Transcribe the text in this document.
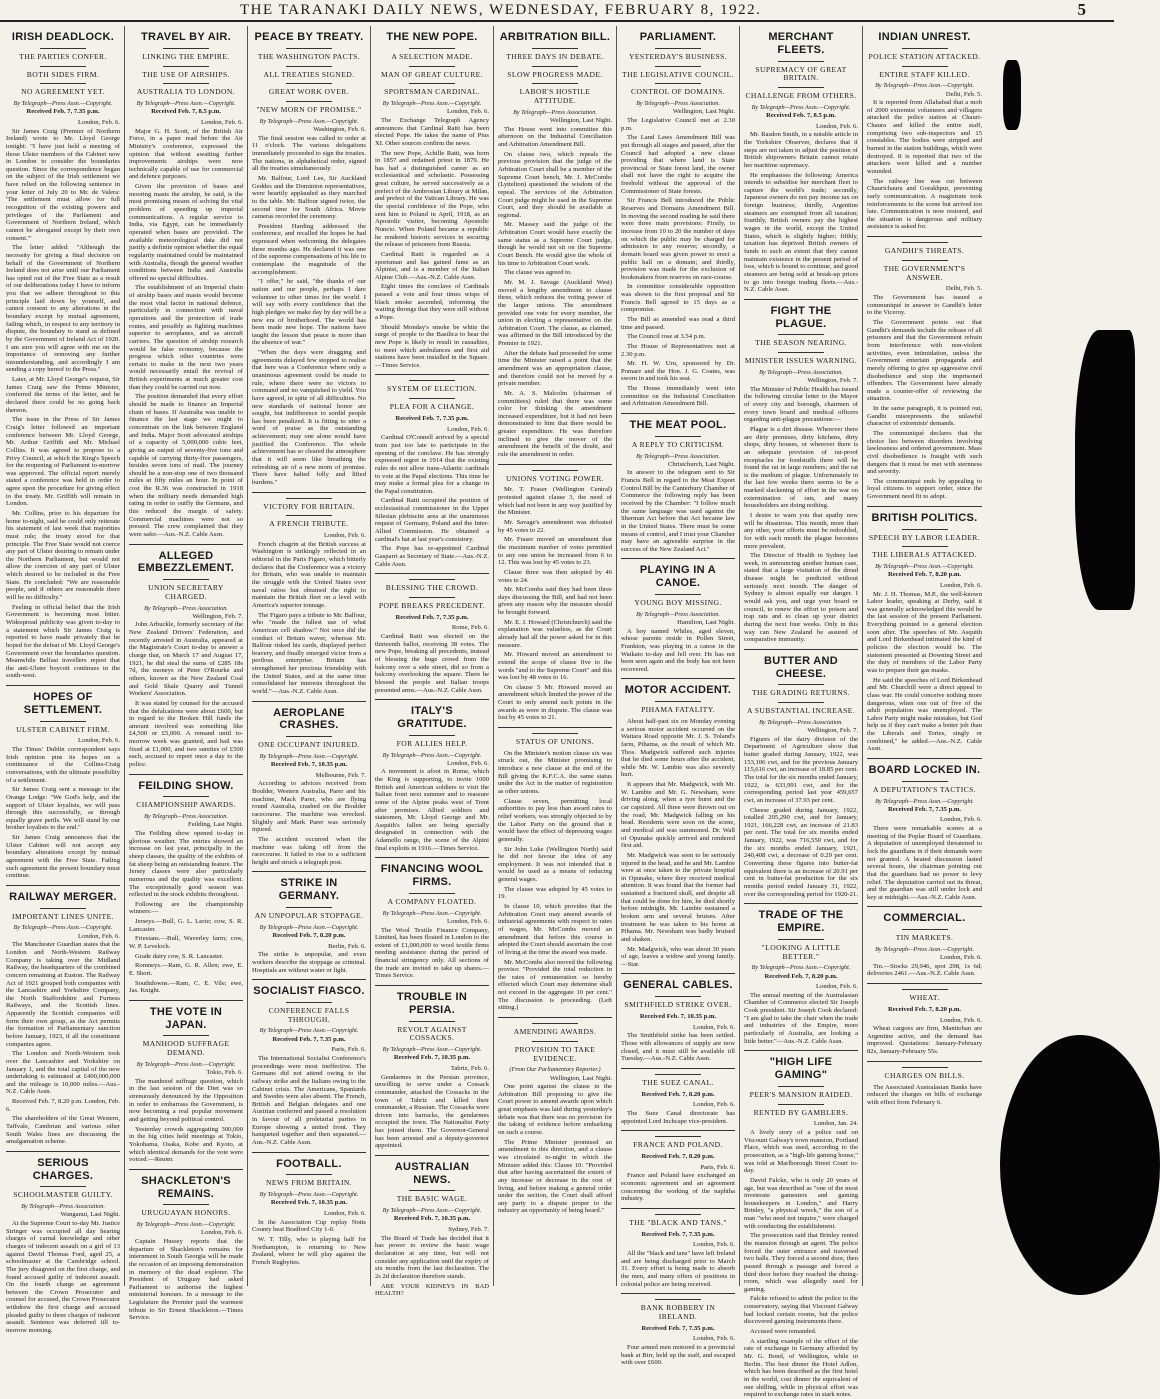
THE TARANAKI DAILY NEWS, WEDNESDAY, FEBRUARY 8, 1922.	5
IRISH DEADLOCK.
THE PARTIES CONFER.
BOTH SIDES FIRM.
NO AGREEMENT YET.
By Telegraph—Press Assn.—Copyright.
Received Feb. 7, 7.35 p.m.
London, Feb. 6.

Sir James Craig (Premier of Northern Ireland) wrote to Mr. Lloyd George tonight: "I have just held a meeting of those Ulster members of the Cabinet now in London to consider the boundaries question. Since the correspondence began on the subject of the Irish settlement we have relied on the following sentence in your letter of July 20 to Mr. de Valera: 'The settlement must allow for full recognition of the existing powers and privileges of the Parliament and Government of Northern Ireland, which cannot be abrogated except by their own consent.'"

The letter added: "Although the necessity for giving a final decision on behalf of the Government of Northern Ireland does not arise until our Parliament has opted out of the Free State as a result of our deliberations today I have to inform you that we adhere throughout to this principle laid down by yourself, and cannot consent to any alterations in the boundary except by mutual agreement, failing which, in respect to any territory in dispute, the boundary to stand as defined by the Government of Ireland Act of 1920. I am sure you will agree with me on the importance of removing any further misunderstanding, and accordingly I am sending a copy hereof to the Press."

Later, at Mr. Lloyd George's request, Sir James Craig saw the Prime Minister, conferred the terms of the letter, and he declared there could be no going back thereon.

The issue in the Press of Sir James Craig's letter followed an important conference between Mr. Lloyd George, Mr. Arthur Griffith and Mr. Michael Collins. It was agreed to propose to a Privy Council, at which the King's Speech for the reopening of Parliament to-morrow was approved. The official report merely stated a conference was held in order to agree upon the procedure for giving effect to the treaty. Mr. Griffith will remain in London.

Mr. Collins, prior to his departure for home to-night, said he could only reiterate his statement of last week that majorities must rule; the treaty stood for that principle. The Free State would not coerce any part of Ulster desiring to remain under the Northern Parliament, but would not allow the coercion of any part of Ulster which desired to be included in the Free State. He concluded: "We are reasonable people, and if others are reasonable there will be no difficulty."

Feeling in official belief that the Irish Government is becoming most bitter. Widespread publicity was given to-day to a statement which Sir James Craig is reported to have made privately that he hoped for the defeat of Mr. Lloyd George's Government over the boundaries question. Meanwhile Belfast travellers report that the anti-Ulster boycott continues in the south-west.

HOPES OF SETTLEMENT.
ULSTER CABINET FIRM.
London, Feb. 6.

The Times' Dublin correspondent says Irish opinion pins its hopes on a continuance of the Collins-Craig conversations, with the ultimate possibility of a settlement.

Sir James Craig sent a message to the Orange Lodge: "We God's help, and the support of Ulster loyalists, we will pass through this successfully, as through equally grave perils. We will stand by our brother loyalists to the end."

Sir James Craig announces that the Ulster Cabinet will not accept any boundary alterations except by mutual agreement with the Free State. Failing such agreement the present boundary must continue.

RAILWAY MERGER.
IMPORTANT LINES UNITE.
By Telegraph—Press Assn.—Copyright.
London, Feb. 6.

The Manchester Guardian states that the London and North-Western Railway Company is taking over the Midland Railway, the headquarters of the combined concern remaining at Euston. The Railway Act of 1921 grouped both companies with the Lancashire and Yorkshire Company, the North Staffordshire and Furness Railways, and the Scottish lines. Apparently the Scottish companies will form their own group, as the Act permits the formation of Parliamentary sanction before January, 1923, if all the constituent companies agree.

The London and North-Western took over the Lancashire and Yorkshire on January 1, and the total capital of the new undertaking is estimated at £400,000,000 and the mileage is 10,000 miles.—Aus.-N.Z. Cable Assn.

Received Feb. 7, 8.20 p.m. London, Feb. 6.

The shareholders of the Great Western, Taffvale, Cambrian and various other South Wales lines are discussing the amalgamation scheme.

SERIOUS CHARGES.
SCHOOLMASTER GUILTY.
By Telegraph—Press Association.
Wanganui, Last Night.

At the Supreme Court to-day Mr. Justice Stringer was occupied all day hearing charges of carnal knowledge and other charges of indecent assault on a girl of 13 against David Thomas Ford, aged 25, a schoolmaster at the Cambridge school. The jury disagreed on the first charge, and found accused guilty of indecent assault. On the fourth charge an agreement between the Crown Prosecutor and counsel for accused, the Crown Prosecutor withdrew the first charge and accused pleaded guilty to three charges of indecent assault. Sentence was deferred till to-morrow morning.

TRAVEL BY AIR.
LINKING THE EMPIRE.
THE USE OF AIRSHIPS.
AUSTRALIA TO LONDON.
By Telegraph—Press Assn.—Copyright.
Received Feb. 7, 8.5 p.m.
London, Feb. 6.

Major G. H. Scott, of the British Air Force, in a paper read before the Air Ministry's conference, expressed the opinion that without awaiting further improvements airships were now technically capable of use for commercial and defence purposes.

Given the provision of bases and mooring masts the airship, he said, is the most promising means of solving the vital problem of speeding up imperial communications. A regular service to India, via Egypt, can be immediately operated when bases are provided. The available meteorological data did not justify a definite opinion whether the equal regularity maintained could be maintained with Australia, though the general weather conditions between India and Australia offered no special difficulties.

The establishment of an Imperial chain of airship bases and masts would become the most vital factor in national defence, particularly in connection with naval operations and the protection of trade routes, and possibly as fighting machines superior to aeroplanes, and as aircraft carriers. The question of airship research would be false economy, because the progress which other countries were certain to make in the next two years would necessarily entail the revival of British experiments at much greater cost than they could be carried out now.

The position demanded that every effort should be made to finance an Imperial chain of bases. If Australia was unable to finance the last stage we ought to concentrate on the link between England and India. Major Scott advocated airships of a capacity of 5,000,000 cubic feet, giving an output of seventy-five tons and capable of carrying thirty-five passengers, besides seven tons of mail. The journey should be a non-stop one of two thousand miles at fifty miles an hour. In point of cost the R.36 was constructed in 1918 when the military needs demanded high rating in order to outfly the Germans, and this reduced the margin of safety. Commercial machines were not so pressed. The crew complained that they were safer.—Aus.-N.Z. Cable Assn.

ALLEGED EMBEZZLEMENT.
UNION SECRETARY CHARGED.
By Telegraph—Press Association.
Wellington, Feb. 7.

John Arbuckle, formerly secretary of the New Zealand Drivers' Federation, and recently arrested in Australia, appeared at the Magistrate's Court to-day to answer a charge that, on March 17 and August 17, 1921, he did steal the sums of £285 18s 7d, the moneys of Peter O'Rourke and others, known as the New Zealand Coal and Gold Shale Quarry and Tunnel Workers' Association.

It was stated by counsel for the accused that the defalcations were about £600, but in regard to the Broken Hill funds the amount involved was something like £4,500 or £5,000. A remand until to-morrow week was granted, and bail was fixed at £1,000, and two sureties of £500 each, accused to report once a day to the police.

FEILDING SHOW.
CHAMPIONSHIP AWARDS.
By Telegraph—Press Association.
Feilding, Last Night.

The Feilding show opened to-day in glorious weather. The entries showed an increase on last year, principally in the sheep classes, the quality of the exhibits of fat sheep being an outstanding feature. The Jersey classes were also particularly numerous and the quality was excellent. The exceptionally good season was reflected in the stock exhibits throughout.

Following are the championship winners:—

Jerseys.—Bull, G. L. Lecte; cow, S. R. Lancaster.

Friesians.—Bull, Waverley farm; cow, W. P. Leveloch.

Grade dairy cow, S. R. Lancaster.

Romneys.—Ram, G. R. Allen; ewe, E. E. Short.

Southdowns.—Ram, C. E. Vile; ewe, Jas. Knight.

THE VOTE IN JAPAN.
MANHOOD SUFFRAGE DEMAND.
By Telegraph—Press Assn.—Copyright.
Tokio, Feb. 6.

The manhood suffrage question, which in the last session of the Diet was so strenuously denounced by the Opposition in order to embarrass the Government, is now becoming a real popular movement and getting beyond political control.

Yesterday crowds aggregating 300,000 in the big cities held meetings at Tokio, Yokohama, Osaka, Kobe and Kyoto, at which identical demands for the vote were voiced.—Reuter.

SHACKLETON'S REMAINS.
URUGUAYAN HONORS.
By Telegraph—Press Assn.—Copyright.
London, Feb. 6.

Captain Hussey reports that the departure of Shackleton's remains for internment in South Georgia will be made the occasion of an imposing demonstration in memory of the dead explorer. The President of Uruguay had asked Parliament to authorise the highest ministerial honours. In a message to the Legislature the Premier paid the warmest tribute to Sir Ernest Shackleton.—Times Service.

PEACE BY TREATY.
THE WASHINGTON PACTS.
ALL TREATIES SIGNED.
GREAT WORK OVER.
"NEW MORN OF PROMISE."
By Telegraph—Press Assn.—Copyright.
Washington, Feb. 6.

The final session was called to order at 11 o'clock. The various delegations immediately proceeded to sign the treaties. The nations, in alphabetical order, signed all the treaties simultaneously.

Mr. Balfour, Lord Lee, Sir Auckland Geddes and the Dominion representatives, were heartily applauded as they marched to the table. Mr. Balfour signed twice, the second time for South Africa. Movie cameras recorded the ceremony.

President Harding addressed the conference, and recalled the hopes he had expressed when welcoming the delegates three months ago. He declared it was one of the supreme compensations of his life to contemplate the magnitude of the accomplishment.

"I offer," he said, "the thanks of our nation and our people, perhaps I dare volunteer to other times for the world. I will say with every confidence that the high pledges we make day by day will be a new era of brotherhood. The world has been made new hope. The nations have taught the lesson that peace is more than the absence of war."

"When the days were dragging and agreements delayed few stopped to realise that here was a Conference where only a unanimous agreement could be made to rule, where there were no victors to command and no vanquished to yield. You have agreed, in spite of all difficulties. No new standards of national honor are sought, but indifference to sordid people has been penalized. It is fitting to utter a word of praise as the outstanding achievement; may one alone would have justified the Conference. The whole achievement has so cleared the atmosphere that it will seem like breathing the refreshing air of a new morn of promise. There have halted folly and lifted burdens."

VICTORY FOR BRITAIN.
A FRENCH TRIBUTE.
London, Feb. 6.

French chagrin at the British success at Washington is strikingly reflected in an editorial in the Paris Figaro, which bitterly declares that the Conference was a victory for Britain, who was unable to maintain the struggle with the United States over naval ratios but obtained the right to maintain the British fleet on a level with America's superior tonnage.

The Figaro pays a tribute to Mr. Balfour, who "made the fullest use of what American cell shadow." Not once did the conduct of Britain waver, whereas Mr. Balfour risked his cards, displayed perfect bravery, and finally emerged victor from a perilous enterprise. Britain has strengthened her precious friendship with the United States, and at the same time consolidated her interests throughout the world."—Aus.-N.Z. Cable Assn.

AEROPLANE CRASHES.
ONE OCCUPANT INJURED.
By Telegraph—Press Assn.—Copyright.
Received Feb. 7, 10.35 p.m.
Melbourne, Feb. 7.

According to advices received from Boulder, Western Australia, Parer and his machine, Mack Parer, who are flying round Australia, crashed on the Boulder racecourse. The machine was wrecked. Slightly and Mark Parer was seriously injured.

The accident occurred when the machine was taking off from the racecourse. It failed to rise to a sufficient height and struck a telegraph post.

STRIKE IN GERMANY.
AN UNPOPULAR STOPPAGE.
By Telegraph—Press Assn.—Copyright.
Received Feb. 7, 8.20 p.m.
Berlin, Feb. 6.

The strike is unpopular, and even workers describe the stoppage as criminal. Hospitals are without water or light.

SOCIALIST FIASCO.
CONFERENCE FALLS THROUGH.
By Telegraph—Press Assn.—Copyright.
Received Feb. 7, 7.35 p.m.
Paris, Feb. 6.

The International Socialist Conference's proceedings were most ineffective. The Germans did not attend owing to the railway strike and the Italians owing to the Cabinet crisis. The Americans, Spaniards and Swedes were also absent. The French, British and Belgian delegates and one Austrian conferred and passed a resolution in favour of all proletariat parties in Europe showing a united front. They banqueted together and then separated.—Aus.-N.Z. Cable Assn.

FOOTBALL.
NEWS FROM BRITAIN.
By Telegraph—Press Assn.—Copyright.
Received Feb. 7, 10.35 p.m.
London, Feb. 6.

In the Association Cup replay Notts County beat Bradford City 1-0.

W. T. Tilly, who is playing half for Northampton, is returning to New Zealand, where he will play against the French Rugbyites.

THE NEW POPE.
A SELECTION MADE.
MAN OF GREAT CULTURE.
SPORTSMAN CARDINAL.
By Telegraph—Press Assn.—Copyright.
London, Feb. 6.

The Exchange Telegraph Agency announces that Cardinal Ratti has been elected Pope. He takes the name of Pius XI. Other sources confirm the news.

The new Pope, Achille Ratti, was born in 1857 and ordained priest in 1879. He has had a distinguished career as an ecclesiastical and scholastic. Possessing great culture, he served successively as a prefect of the Ambrosian Library at Milan, and prefect of the Vatican Library. He was the special confidence of the Pope, who sent him to Poland in April, 1918, as an Apostolic visitor, becoming Apostolic Nuncio. When Poland became a republic he rendered historic services in securing the release of prisoners from Russia.

Cardinal Ratti is regarded as a sportsman and has gained fame as an Alpinist, and is a member of the Italian Alpine Club.—Aus.-N.Z. Cable Assn.

Eight times the conclave of Cardinals passed a vote and four times wisps of black smoke ascended, informing the waiting throngs that they were still without a Pope.

Should Monday's smoke be white the surge of people to the Basilica to hear the new Pope is likely to result in casualties, to meet which ambulances and first aid stations have been installed in the Square.—Times Service.

SYSTEM OF ELECTION.
PLEA FOR A CHANGE.
Received Feb. 7, 7.35 p.m.
London, Feb. 6.

Cardinal O'Connell arrived by a special train just too late to participate in the opening of the conclave. He has strongly expressed regret in 1914 that the existing rules do not allow trans-Atlantic cardinals to vote at the Papal elections. This time he may make a formal plea for a change in the Papal constitution.

Cardinal Ratti occupied the position of ecclesiastical commissioner in the Upper Silesian plebiscite area at the unanimous request of Germany, Poland and the Inter-Allied Commission. He obtained a cardinal's hat at last year's consistory.

The Pope has re-appointed Cardinal Gasparri as Secretary of State.—Aus.-N.Z. Cable Assn.

BLESSING THE CROWD.
POPE BREAKS PRECEDENT.
Received Feb. 7, 7.35 p.m.
Rome, Feb. 6.

Cardinal Ratti was elected on the thirteenth ballot, receiving 38 votes. The new Pope, breaking all precedents, instead of blessing the huge crowd from the balcony over a side street, did so from a balcony overlooking the square. There he blessed the people and Italian troops presented arms.—Aus.-N.Z. Cable Assn.

ITALY'S GRATITUDE.
FOR ALLIES HELP.
By Telegraph—Press Assn.—Copyright.
London, Feb. 6.

A movement is afoot in Rome, which the King is supporting, to invite 1000 British and American soldiers to visit the Italian front next summer and to reassure some of the Alpine peaks west of Trent after promises. Allied soldiers and statesmen, Mr. Lloyd George and Mr. Asquith's fallen are being specially designated in connection with the Adamello range, the scene of the Alpini final exploits in 1916.—Times Service.

FINANCING WOOL FIRMS.
A COMPANY FLOATED.
By Telegraph—Press Assn.—Copyright.
London, Feb. 6.

The Wool Textile Finance Company, Limited, has been floated in London to the extent of £1,000,000 to wool textile firms needing assistance during the period of financial stringency only. All sections of the trade are invited to take up shares.—Times Service.

TROUBLE IN PERSIA.
REVOLT AGAINST COSSACKS.
By Telegraph—Press Assn.—Copyright.
Received Feb. 7, 10.35 p.m.
Tabriz, Feb. 6.

Gendarmes in the Persian province, unwilling to serve under a Cossack commander, attacked the Cossacks in the town of Tabriz and killed their commander, a Russian. The Cossacks were driven into barracks, the gendarmes occupied the town. The Nationalist Party has joined them. The Governor-General has been arrested and a deputy-governor appointed.

AUSTRALIAN NEWS.
THE BASIC WAGE.
By Telegraph—Press Assn.—Copyright.
Received Feb. 7, 10.35 p.m.
Sydney, Feb. 7.

The Board of Trade has decided that it has power to review the basic wage declaration at any time, but will not consider any application until the expiry of six months from the last declaration. The 2s 2d declaration therefore stands.

ARE YOUR KIDNEYS IN BAD HEALTH?

ARBITRATION BILL.
THREE DAYS IN DEBATE.
SLOW PROGRESS MADE.
LABOR'S HOSTILE ATTITUDE.
By Telegraph—Press Association.
Wellington, Last Night.

The House went into committee this afternoon on the Industrial Conciliation and Arbitration Amendment Bill.

On clause two, which repeals the previous provision that the judge of the Arbitration Court shall be a member of the Supreme Court bench, Mr. J. McCombs (Lyttelton) questioned the wisdom of the repeal. The services of the Arbitration Court judge might be used in the Supreme Court, and they should be available at regional.

Mr. Massey said the judge of the Arbitration Court would have exactly the same status as a Supreme Court judge, though he would not sit on the Supreme Court Bench. He would give the whole of his time to Arbitration Court work.

The clause was agreed to.

Mr. M. J. Savage (Auckland West) moved a lengthy amendment to clause three, which reduces the voting power of the larger unions. The amendment provided one vote for every member, the union in electing a representative on the Arbitration Court. The clause, as claimed, was affirmed in the Bill introduced by the Premier in 1921.

After the debate had proceeded for some time the Minister raised a point that the amendment was an appropriation clause, and therefore could not be moved by a private member.

Mr. A. S. Malcolm (chairman of committees) ruled that there was some color for thinking the amendment increased expenditure, but it had not been demonstrated to him that there would be greater expenditure. He was therefore inclined to give the mover of the amendment the benefit of the doubt, and rule the amendment in order.

UNIONS VOTING POWER.

Mr. T. Fraser (Wellington Central) protested against clause 3, the need of which had not been in any way justified by the Minister.

Mr. Savage's amendment was defeated by 45 votes to 22.

Mr. Fraser moved an amendment that the maximum number of votes permitted to any one union be increased from 6 to 12. This was lost by 45 votes to 23.

Clause three was then adopted by 46 votes to 24.

Mr. McCombs said they had been three days discussing the Bill, and had not been given any reason why the measure should be brought forward.

Mr. E. J. Howard (Christchurch) said the explanation was valueless, as the Court already had all the power asked for in this measure.

Mr. Howard moved an amendment to extend the scope of clause five to the words "and to the Supreme Court" and this was lost by 48 votes to 16.

On clause 5 Mr. Howard moved an amendment which limited the power of the Court to only amend such points in the awards as were in dispute. The clause was lost by 45 votes to 21.

STATUS OF UNIONS.

On the Minister's motion clause six was struck out, the Minister promising to introduce a new clause at the end of the Bill giving the K.F.C.A. the same status under the Act in the matter of registration as other unions.

Clause seven, permitting local authorities to pay less than award rates to relief workers, was strongly objected to by the Labor Party on the ground that it would have the effect of depressing wages generally.

Sir John Luke (Wellington North) said he did not favour the idea of any employment. It was not intended that it would be used as a means of reducing general wages.

The clause was adopted by 45 votes to 19.

In clause 10, which provides that the Arbitration Court may amend awards of industrial agreements with respect to rates of wages, Mr. McCombs moved an amendment that before this course is adopted the Court should ascertain the cost of living at the time the award was made.

Mr. McCombs also moved the following proviso: "Provided the total reduction in the rates of remuneration so hereby effected which Court may determine shall not exceed in the aggregate 10 per cent." The discussion is proceeding. (Left sitting.)

AMENDING AWARDS.
PROVISION TO TAKE EVIDENCE.
(From Our Parliamentary Reporter.)
Wellington, Last Night.

One point against the clause in the Arbitration Bill proposing to give the Court power to amend awards upon which great emphasis was laid during yesterday's debate was that there was no provision for the taking of evidence before embarking on such a course.

The Prime Minister promised an amendment to this direction, and a clause was circulated to-night in which the Minister added this: Clause 10: "Provided that after having ascertained the extent of any increase or decrease in the cost of living, and before making a general order under the section, the Court shall afford any party to a dispute proper to the industry an opportunity of being heard."

PARLIAMENT.
YESTERDAY'S BUSINESS.
THE LEGISLATIVE COUNCIL.
CONTROL OF DOMAINS.
By Telegraph—Press Association.
Wellington, Last Night.

The Legislative Council met at 2.30 p.m.

The Land Laws Amendment Bill was put through all stages and passed, after the Council had adopted a new clause providing that where land is State provincial or State forest land, the owner shall not have the right to acquire the freehold without the approval of the Commissioner of State forests.

Sir Francis Bell introduced the Public Reserves and Domains Amendment Bill. In moving the second reading he said there were three main provisions: Firstly, to increase from 10 to 20 the number of days on which the public may be charged for admission to any reserve; secondly, a domain board was given power to erect a public hall on a domain; and thirdly, provision was made for the exclusion of bookmakers from reserves on race-course.

In committee considerable opposition was shown to the first proposal and Sir Francis Bell agreed to 15 days as a compromise.

The Bill as amended was read a third time and passed.

The Council rose at 3.54 p.m.

The House of Representatives met at 2.30 p.m.

Mr. H. W. Uru, sponsored by Dr. Pomare and the Hon. J. G. Coates, was sworn in and took his seat.

The House immediately went into committee on the Industrial Conciliation and Arbitration Amendment Bill.

THE MEAT POOL.
A REPLY TO CRITICISM.
By Telegraph—Press Association.
Christchurch, Last Night.

In answer to the telegram sent to Sir Francis Bell in regard to the Meat Export Control Bill by the Canterbury Chamber of Commerce the following reply has been received by the Chamber: "I follow much the same language was used against the Sherman Act before that Act became law in the United States. There must be some means of control, and I trust your Chamber may have an agreeable surprise in the success of the New Zealand Act."

PLAYING IN A CANOE.
YOUNG BOY MISSING.
By Telegraph—Press Association.
Hamilton, Last Night.

A boy named Whiles, aged eleven, whose parents reside in Pollen Street, Frankton, was playing in a canoe in the Waikato to-day and fell over. He has not been seen again and the body has not been recovered.

MOTOR ACCIDENT.
PIHAMA FATALITY.

About half-past six on Monday evening a serious motor accident occurred on the Waitara Road opposite Mr. J. S. Toland's farm, Pihama, as the result of which Mr. Thos. Madgwick suffered such injuries that he died some hours after the accident, while Mr. W. Lambie was also severely hurt.

It appears that Mr. Madgwick, with Mr. W. Lambie and Mr. G. Newsham, were driving along, when a tyre burst and the car capsized. All three were thrown out on the road, Mr. Madgwick falling on his head. Residents were soon on the scene, and medical aid was summoned. Dr. Wall of Opunake quickly arrived and rendered first aid.

Mr. Madgwick was seen to be seriously injured in the head, and he and Mr. Lambie were at once taken to the private hospital in Opunake, where they received medical attention. It was found that the former had sustained a fractured skull, and despite all that could be done for him, he died shortly before midnight. Mr. Lambie sustained a broken arm and several bruises. After treatment he was taken to his home at Pihama. Mr. Newsham was badly bruised and shaken.

Mr. Madgwick, who was about 30 years of age, leaves a widow and young family.—Star.

GENERAL CABLES.
SMITHFIELD STRIKE OVER.
Received Feb. 7, 10.35 p.m.
London, Feb. 6.

The Smithfield strike has been settled. Those with allowances of supply are now closed, and it must still be available till Tuesday.—Aus.-N.Z. Cable Assn.

THE SUEZ CANAL.
Received Feb. 7, 8.20 p.m.
London, Feb. 6.

The Suez Canal directorate has appointed Lord Inchcape vice-president.

FRANCE AND POLAND.
Received Feb. 7, 8.20 p.m.
Paris, Feb. 6.

France and Poland have exchanged an economic agreement and an agreement concerning the working of the naphtha industry.

THE "BLACK AND TANS."
Received Feb. 7, 7.35 p.m.
London, Feb. 6.

All the "black and tans" have left Ireland and are being discharged prior to March 31. Every effort is being made to absorb the men, and many offers of positions in colonial police are being received.

BANK ROBBERY IN IRELAND.
Received Feb. 7, 7.35 p.m.
London, Feb. 6.

Four armed men motored to a provincial bank at Birr, held up the staff, and escaped with over £600.

MERCHANT FLEETS.
SUPREMACY OF GREAT BRITAIN.
CHALLENGE FROM OTHERS.
By Telegraph—Press Assn.—Copyright.
Received Feb. 7, 8.5 p.m.
London, Feb. 6.

Mr. Rasdon Smith, in a notable article in the Yorkshire Observer, declares that if steps are not taken to adjust the position of British shipowners Britain cannot retain her maritime supremacy.

He emphasises the following: America intends to subsidise her merchant fleet to capture the world's trade; secondly, Japanese owners do not pay income tax on foreign business; thirdly, Argentine steamers are exempted from all taxation; fourthly, British owners pay the highest wages in the world, except the United States, which is slightly higher; fifthly, taxation has deprived British owners of funds to such an extent that they cannot maintain existence in the present period of loss, which is bound to continue, and good steamers are being sold at break-up prices to go into foreign trading fleets.—Aus.-N.Z. Cable Assn.

FIGHT THE PLAGUE.
THE SEASON NEARING.
MINISTER ISSUES WARNING.
By Telegraph—Press Association.
Wellington, Feb. 7.

The Minister of Public Health has issued the following circular letter to the Mayor of every city and borough, chairmen of every town board and medical officers regarding anti-plague precautions:—

Plague is a dirt disease. Wherever there are dirty premises, dirty kitchens, dirty shops, dirty houses, or wherever there is an adequate provision of rat-proof receptacles for foodstuffs there will be found the rat in large numbers; and the rat is the medium of plague. Unfortunately in the last few weeks there seems to be a marked slackening of effort in the war on extermination of rats, and many householders are doing nothing.

I desire to warn you that apathy now will be disastrous. This month, more than any other, your efforts must be redoubled, for with each month the plague becomes more prevalent.

The Director of Health in Sydney last week, in announcing another human case, stated that a large visitation of the dread disease might be predicted without seriously next month. The danger of Sydney is almost equally our danger. I would ask you, and urge your board or council, to renew the effort to poison and trap rats and to clean up your district during the next four weeks. Only in this way can New Zealand be assured of comparative immunity.

BUTTER AND CHEESE.
THE GRADING RETURNS.
A SUBSTANTIAL INCREASE.
By Telegraph—Press Association.
Wellington, Feb. 7.

Figures of the dairy division of the Department of Agriculture show that butter graded during January, 1922, was 153,106 cwt, and for the previous January 115,616 cwt, an increase of 18.85 per cent. The total for the six months ended January, 1922, is 633,991 cwt, and for the corresponding period last year 459,657 cwt, an increase of 37.93 per cent.

Cheese graded during January, 1922, totalled 205,290 cwt, and for January, 1921, 166,228 cwt, an increase of 21.83 per cent. The total for six months ended January, 1922, was 716,550 cwt, and for the six months ended January, 1921, 240,408 cwt, a decrease of 0.29 per cent. Converting these figures into butter-fat equivalent there is an increase of 20.91 per cent in butter-fat production for the six months period ended January 31, 1922, over the corresponding period for 1920-21.

TRADE OF THE EMPIRE.
"LOOKING A LITTLE BETTER."
By Telegraph—Press Assn.—Copyright.
Received Feb. 7, 8.20 p.m.
London, Feb. 6.

The annual meeting of the Australasian Chamber of Commerce elected Sir Joseph Cook president. Sir Joseph Cook declared: "I am glad to take the chair when the trade and industries of the Empire, more particularly of Australia, are looking a little better."—Aus.-N.Z. Cable Assn.

"HIGH LIFE GAMING"
PEER'S MANSION RAIDED.
RENTED BY GAMBLERS.
London, Jan. 24.

A lively story of a police raid on Viscount Galway's town mansion, Portland Place, which was used, according to the prosecution, as a "high-life gaming house," was told at Marlborough Street Court to-day.

David Falcke, who is only 20 years of age, but was described as "one of the most inveterate gamesters and gaming housekeepers in London," and Harry Brinley, "a physical wreck," the son of a man "who need not inquire," were charged with conducting the establishment.

The prosecution said that Brinley rented the mansion through an agent. The police forced the outer entrance and traversed two halls. They forced a second door, then passed through a passage and forced a third door before they reached the dining-room, which was allegedly used for gaming.

Falcke refused to admit the police to the conservatory, saying that Viscount Galway had locked certain rooms, but the police discovered gaming instruments there.

Accused were remanded.

A startling example of the effect of the rate of exchange in Germany afforded by Mr. G. Bond, of Wellington, while in Berlin. The best dinner the Hotel Adlon, which has been described as the first hotel in the world, cost dinner the equivalent of one shilling, while in physical effort was required to exchange rates in stark notes.

INDIAN UNREST.
POLICE STATION ATTACKED.
ENTIRE STAFF KILLED.
By Telegraph—Press Assn.—Copyright.
Delhi, Feb. 5.

It is reported from Allahabad that a mob of 2000 extremist volunteers and villagers attacked the police station at Chauri-Chaura and killed the entire staff, comprising two sub-inspectors and 15 constables. The bodies were stripped and burned in the station buildings, which were destroyed. It is reported that two of the attackers were killed and a number wounded.

The railway line was cut between Chaurichaura and Gorakhpur, preventing early communication. A magistrate took reinforcements to the scene but arrived too late. Communication is now restored, and the situation is dangerous and military assistance is asked for.

GANDHI'S THREATS.
THE GOVERNMENT'S ANSWER.
Delhi, Feb. 5.

The Government has issued a communiqué in answer to Gandhi's letter to the Viceroy.

The Government points out that Gandhi's demands include the release of all prisoners and that the Government refrain from interference with non-violent activities, even intimidation, unless the Government entertain propaganda and merely offering to give up aggressive civil disobedience and stop the imprisoned offenders. The Government have already made a counter-offer of reviewing the situation.

In the same paragraph, it is pointed out, Gandhi misrepresents the unlawful character of extremists' demands.

The communiqué declares that the choice lies between disorders involving lawlessness and ordered government. Mass civil disobedience is fraught with such dangers that it must be met with sternness and severity.

The communiqué ends by appealing to loyal citizens to support order, since the Government need fit to adopt.

BRITISH POLITICS.
SPEECH BY LABOR LEADER.
THE LIBERALS ATTACKED.
By Telegraph—Press Assn.—Copyright.
Received Feb. 7, 8.20 p.m.
London, Feb. 6.

Mr. J. H. Thomas, M.P., the well-known Labor leader, speaking at Derby, said it was generally acknowledged this would be the last session of the present Parliament. Everything pointed to a general election soon after. The speeches of Mr. Asquith and Lord Birkenhead intimated the kind of policies the election would be. The statement presented at Downing Street and the duty of members of the Labor Party was to prepare their gas masks.

He said the speeches of Lord Birkenhead and Mr. Churchill were a direct appeal to class war. He could conceive nothing more dangerous, when one out of five of the adult population was unemployed. The Labor Party might make mistakes, but God help us if they can't make a better job than the Liberals and Tories, singly or combined," he added.—Aus.-N.Z. Cable Assn.

BOARD LOCKED IN.
A DEPUTATION'S TACTICS.
By Telegraph—Press Assn.—Copyright.
Received Feb. 7, 7.35 p.m.
London, Feb. 6.

There were remarkable scenes at a meeting of the Poplar Board of Guardians. A deputation of unemployed threatened to lock the guardians in if their demands were not granted. A heated discussion lasted several hours, the chairman pointing out that the guardians had no power to levy relief. The deputation carried out its threat, and the guardian was still under lock and key at midnight.—Aus.-N.Z. Cable Assn.

COMMERCIAL.
TIN MARKETS.
By Telegraph—Press Assn.—Copyright.
London, Feb. 6.

Tin.—Stocks 29,946, spot 298, 1s 6d; deliveries 2461.—Aus.-N.Z. Cable Assn.

WHEAT.
Received Feb. 7, 8.20 p.m.
London, Feb. 6.

Wheat cargoes are firm, Manitoban are Argentine active, and the demand has improved. Quotations: January-February 82s, January-February 55s.

CHARGES ON BILLS.

The Associated Australasian Banks have reduced the charges on bills of exchange with effect from February 6.
